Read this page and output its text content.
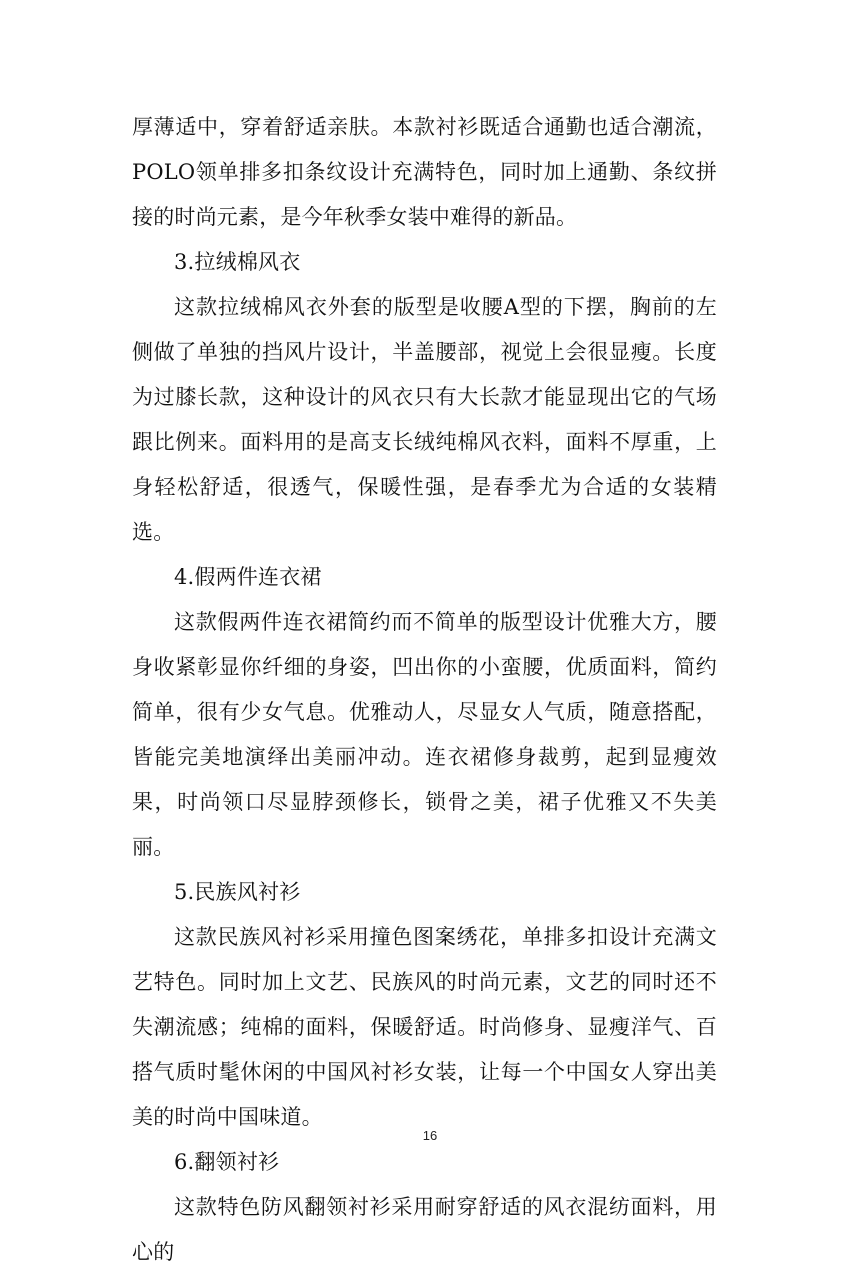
厚薄适中，穿着舒适亲肤。本款衬衫既适合通勤也适合潮流，POLO领单排多扣条纹设计充满特色，同时加上通勤、条纹拼接的时尚元素，是今年秋季女装中难得的新品。

3.拉绒棉风衣

这款拉绒棉风衣外套的版型是收腰A型的下摆，胸前的左侧做了单独的挡风片设计，半盖腰部，视觉上会很显瘦。长度为过膝长款，这种设计的风衣只有大长款才能显现出它的气场跟比例来。面料用的是高支长绒纯棉风衣料，面料不厚重，上身轻松舒适，很透气，保暖性强，是春季尤为合适的女装精选。

4.假两件连衣裙

这款假两件连衣裙简约而不简单的版型设计优雅大方，腰身收紧彰显你纤细的身姿，凹出你的小蛮腰，优质面料，简约简单，很有少女气息。优雅动人，尽显女人气质，随意搭配，皆能完美地演绎出美丽冲动。连衣裙修身裁剪，起到显瘦效果，时尚领口尽显脖颈修长，锁骨之美，裙子优雅又不失美丽。

5.民族风衬衫

这款民族风衬衫采用撞色图案绣花，单排多扣设计充满文艺特色。同时加上文艺、民族风的时尚元素，文艺的同时还不失潮流感；纯棉的面料，保暖舒适。时尚修身、显瘦洋气、百搭气质时髦休闲的中国风衬衫女装，让每一个中国女人穿出美美的时尚中国味道。

6.翻领衬衫

这款特色防风翻领衬衫采用耐穿舒适的风衣混纺面料，用心的

16
